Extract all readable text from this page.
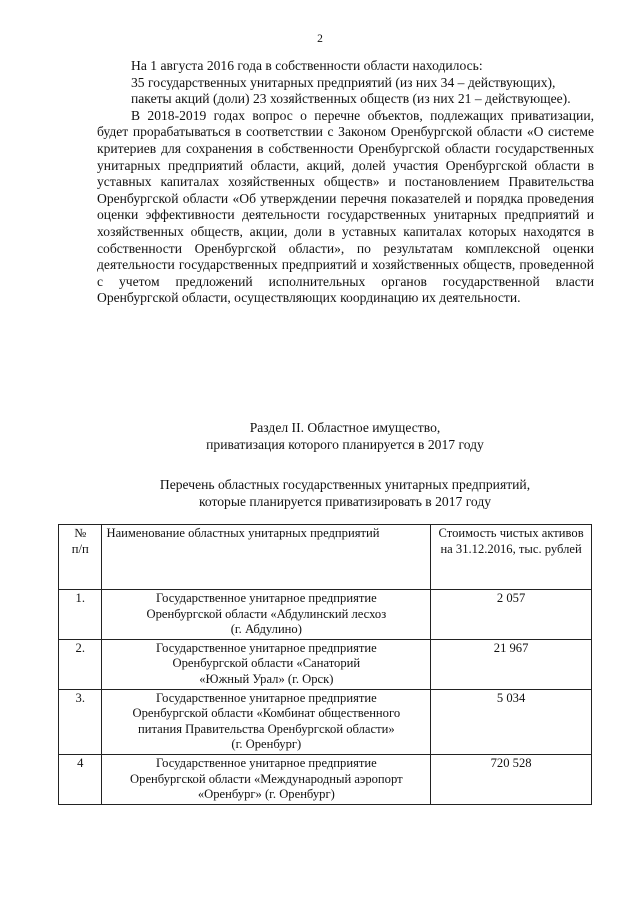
2

На 1 августа 2016 года в собственности области находилось:

35 государственных унитарных предприятий (из них 34 – действующих),

пакеты акций (доли) 23 хозяйственных обществ (из них 21 – действующее).

В 2018-2019 годах вопрос о перечне объектов, подлежащих приватизации, будет прорабатываться в соответствии с Законом Оренбургской области «О системе критериев для сохранения в собственности Оренбургской области государственных унитарных предприятий области, акций, долей участия Оренбургской области в уставных капиталах хозяйственных обществ» и постановлением Правительства Оренбургской области «Об утверждении перечня показателей и порядка проведения оценки эффективности деятельности государственных унитарных предприятий и хозяйственных обществ, акции, доли в уставных капиталах которых находятся в собственности Оренбургской области», по результатам комплексной оценки деятельности государственных предприятий и хозяйственных обществ, проведенной с учетом предложений исполнительных органов государственной власти Оренбургской области, осуществляющих координацию их деятельности.

Раздел II. Областное имущество,
приватизация которого планируется в 2017 году
Перечень областных государственных унитарных предприятий,
которые планируется приватизировать в 2017 году
№
п/п	Наименование областных унитарных предприятий	Стоимость чистых активов на 31.12.2016, тыс. рублей
1.	Государственное унитарное предприятие
Оренбургской области «Абдулинский лесхоз
(г. Абдулино)	2 057
2.	Государственное унитарное предприятие
Оренбургской области «Санаторий
«Южный Урал» (г. Орск)	21 967
3.	Государственное унитарное предприятие
Оренбургской области «Комбинат общественного
питания Правительства Оренбургской области»
(г. Оренбург)	5 034
4	Государственное унитарное предприятие
Оренбургской области «Международный аэропорт
«Оренбург» (г. Оренбург)	720 528
